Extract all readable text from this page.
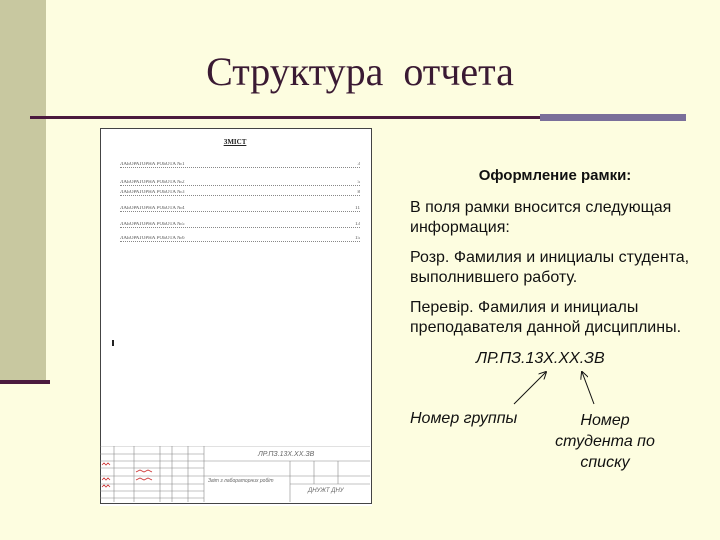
Структура  отчета
ЗМІСТ
ЛАБОРАТОРНА РОБОТА №1	3
ЛАБОРАТОРНА РОБОТА №2	5
ЛАБОРАТОРНА РОБОТА №3	8
ЛАБОРАТОРНА РОБОТА №4	11
ЛАБОРАТОРНА РОБОТА №5	13
ЛАБОРАТОРНА РОБОТА №6	15
ЛР.ПЗ.13Х.ХХ.ЗВ
Звіт з лабораторних робіт
ДНУЖТ ДНУ

Оформление рамки:

В поля рамки вносится следующая информация:

Розр. Фамилия и инициалы студента, выполнившего работу.

Перевір. Фамилия и инициалы преподавателя данной дисциплины.

ЛР.ПЗ.13Х.ХХ.ЗВ
Номер группы	Номер студента по списку
